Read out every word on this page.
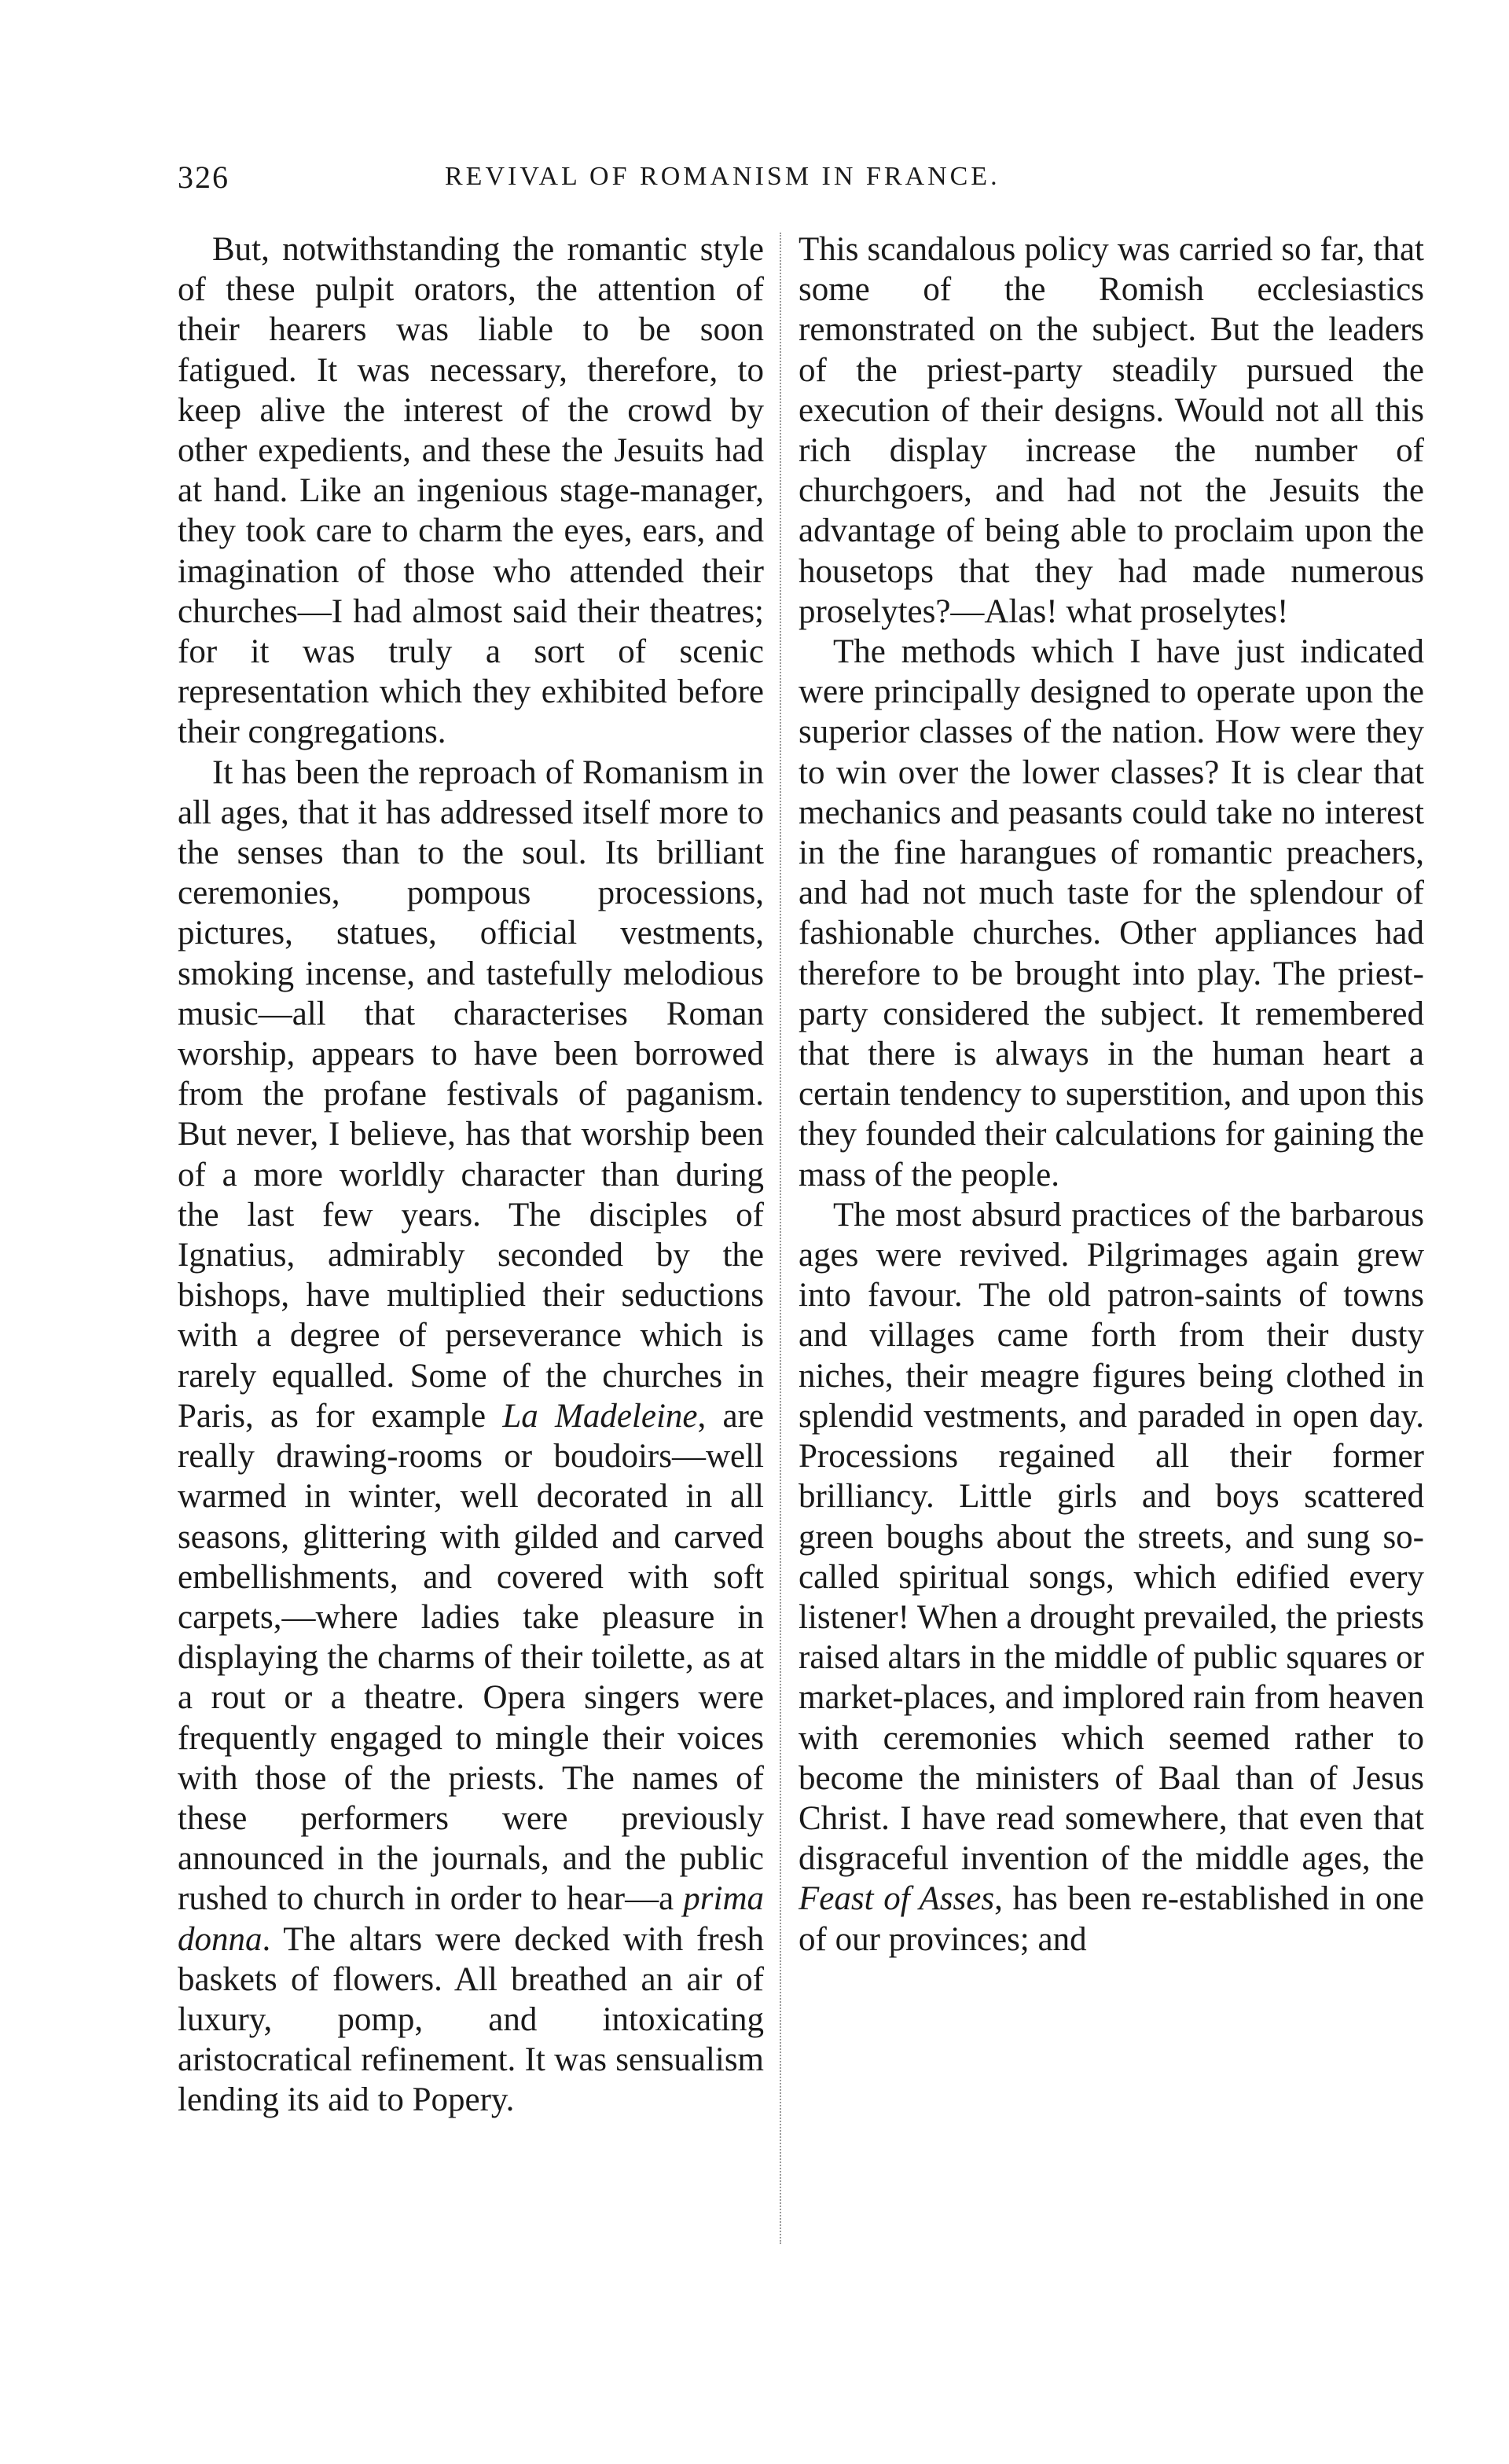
326	REVIVAL OF ROMANISM IN FRANCE.

But, notwithstanding the romantic style of these pulpit orators, the attention of their hearers was liable to be soon fatigued. It was necessary, therefore, to keep alive the interest of the crowd by other expedients, and these the Jesuits had at hand. Like an ingenious stage-manager, they took care to charm the eyes, ears, and imagination of those who attended their churches—I had almost said their theatres; for it was truly a sort of scenic representation which they exhibited before their congregations.

It has been the reproach of Romanism in all ages, that it has addressed itself more to the senses than to the soul. Its brilliant ceremonies, pompous processions, pictures, statues, official vestments, smoking incense, and tastefully melodious music—all that characterises Roman worship, appears to have been borrowed from the profane festivals of paganism. But never, I believe, has that worship been of a more worldly character than during the last few years. The disciples of Ignatius, admirably seconded by the bishops, have multiplied their seductions with a degree of perseverance which is rarely equalled. Some of the churches in Paris, as for example La Madeleine, are really drawing-rooms or boudoirs—well warmed in winter, well decorated in all seasons, glittering with gilded and carved embellishments, and covered with soft carpets,—where ladies take pleasure in displaying the charms of their toilette, as at a rout or a theatre. Opera singers were frequently engaged to mingle their voices with those of the priests. The names of these performers were previously announced in the journals, and the public rushed to church in order to hear—a prima donna. The altars were decked with fresh baskets of flowers. All breathed an air of luxury, pomp, and intoxicating aristocratical refinement. It was sensualism lending its aid to Popery.

This scandalous policy was carried so far, that some of the Romish ecclesiastics remonstrated on the subject. But the leaders of the priest-party steadily pursued the execution of their designs. Would not all this rich display increase the number of churchgoers, and had not the Jesuits the advantage of being able to proclaim upon the housetops that they had made numerous proselytes?—Alas! what proselytes!

The methods which I have just indicated were principally designed to operate upon the superior classes of the nation. How were they to win over the lower classes? It is clear that mechanics and peasants could take no interest in the fine harangues of romantic preachers, and had not much taste for the splendour of fashionable churches. Other appliances had therefore to be brought into play. The priest-party considered the subject. It remembered that there is always in the human heart a certain tendency to superstition, and upon this they founded their calculations for gaining the mass of the people.

The most absurd practices of the barbarous ages were revived. Pilgrimages again grew into favour. The old patron-saints of towns and villages came forth from their dusty niches, their meagre figures being clothed in splendid vestments, and paraded in open day. Processions regained all their former brilliancy. Little girls and boys scattered green boughs about the streets, and sung so-called spiritual songs, which edified every listener! When a drought prevailed, the priests raised altars in the middle of public squares or market-places, and implored rain from heaven with ceremonies which seemed rather to become the ministers of Baal than of Jesus Christ. I have read somewhere, that even that disgraceful invention of the middle ages, the Feast of Asses, has been re-established in one of our provinces; and
